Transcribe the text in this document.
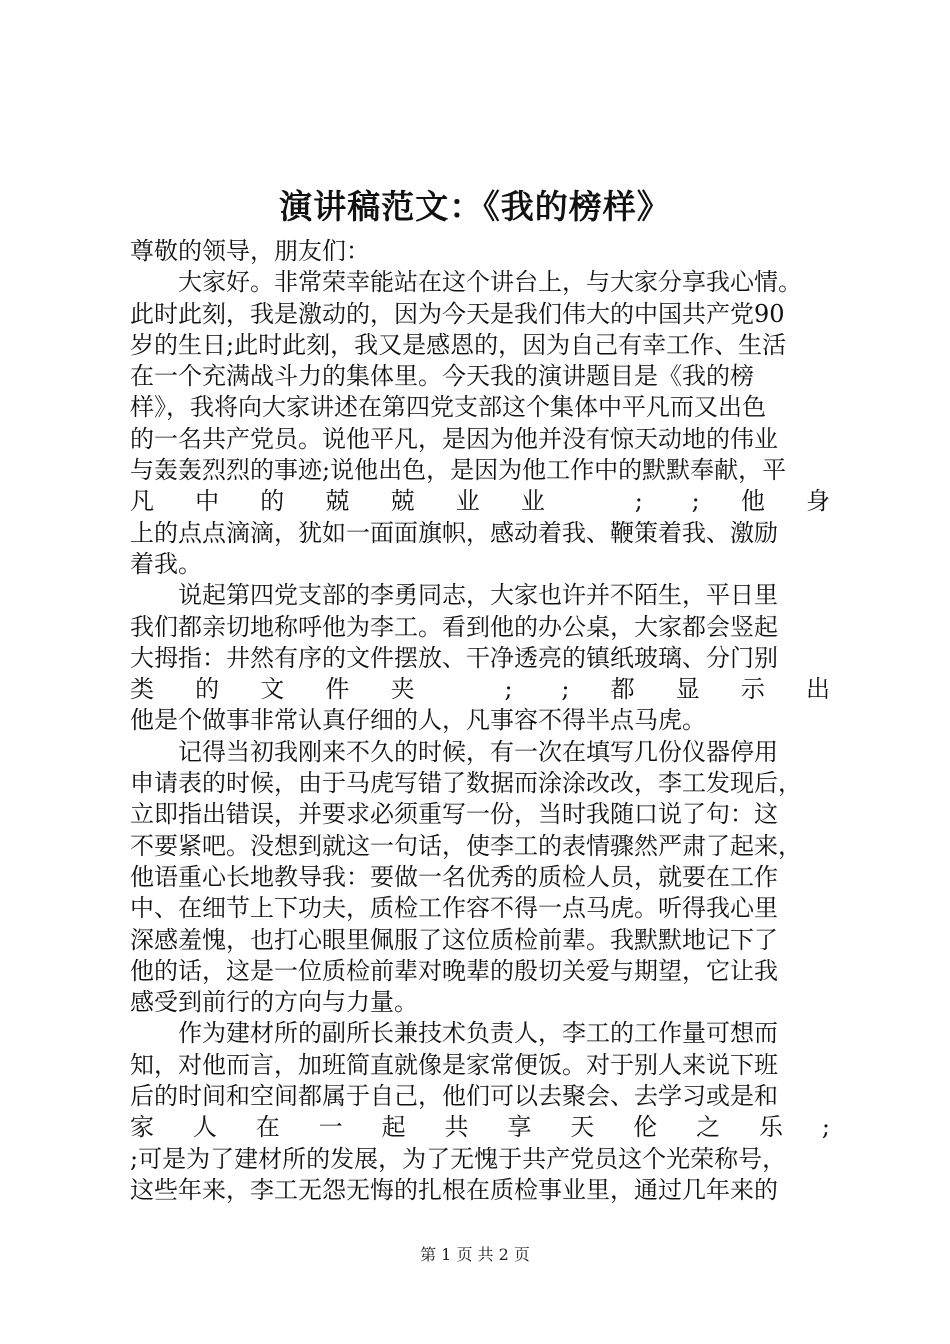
演讲稿范文：《我的榜样》
尊敬的领导，朋友们：
大家好。非常荣幸能站在这个讲台上，与大家分享我心情。
此时此刻，我是激动的，因为今天是我们伟大的中国共产党90
岁的生日;此时此刻，我又是感恩的，因为自己有幸工作、生活
在一个充满战斗力的集体里。今天我的演讲题目是《我的榜
样》，我将向大家讲述在第四党支部这个集体中平凡而又出色
的一名共产党员。说他平凡，是因为他并没有惊天动地的伟业
与轰轰烈烈的事迹;说他出色，是因为他工作中的默默奉献，平
凡中的兢兢业业 ; ;他身
上的点点滴滴，犹如一面面旗帜，感动着我、鞭策着我、激励
着我。
说起第四党支部的李勇同志，大家也许并不陌生，平日里
我们都亲切地称呼他为李工。看到他的办公桌，大家都会竖起
大拇指：井然有序的文件摆放、干净透亮的镇纸玻璃、分门别
类的文件夹 ; ;都显示出
他是个做事非常认真仔细的人，凡事容不得半点马虎。
记得当初我刚来不久的时候，有一次在填写几份仪器停用
申请表的时候，由于马虎写错了数据而涂涂改改，李工发现后，
立即指出错误，并要求必须重写一份，当时我随口说了句：这
不要紧吧。没想到就这一句话，使李工的表情骤然严肃了起来，
他语重心长地教导我：要做一名优秀的质检人员，就要在工作
中、在细节上下功夫，质检工作容不得一点马虎。听得我心里
深感羞愧，也打心眼里佩服了这位质检前辈。我默默地记下了
他的话，这是一位质检前辈对晚辈的殷切关爱与期望，它让我
感受到前行的方向与力量。
作为建材所的副所长兼技术负责人，李工的工作量可想而
知，对他而言，加班简直就像是家常便饭。对于别人来说下班
后的时间和空间都属于自己，他们可以去聚会、去学习或是和
家 人 在 一 起 共 享 天 伦 之 乐 ;
;可是为了建材所的发展，为了无愧于共产党员这个光荣称号，
这些年来，李工无怨无悔的扎根在质检事业里，通过几年来的
第 1 页 共 2 页
